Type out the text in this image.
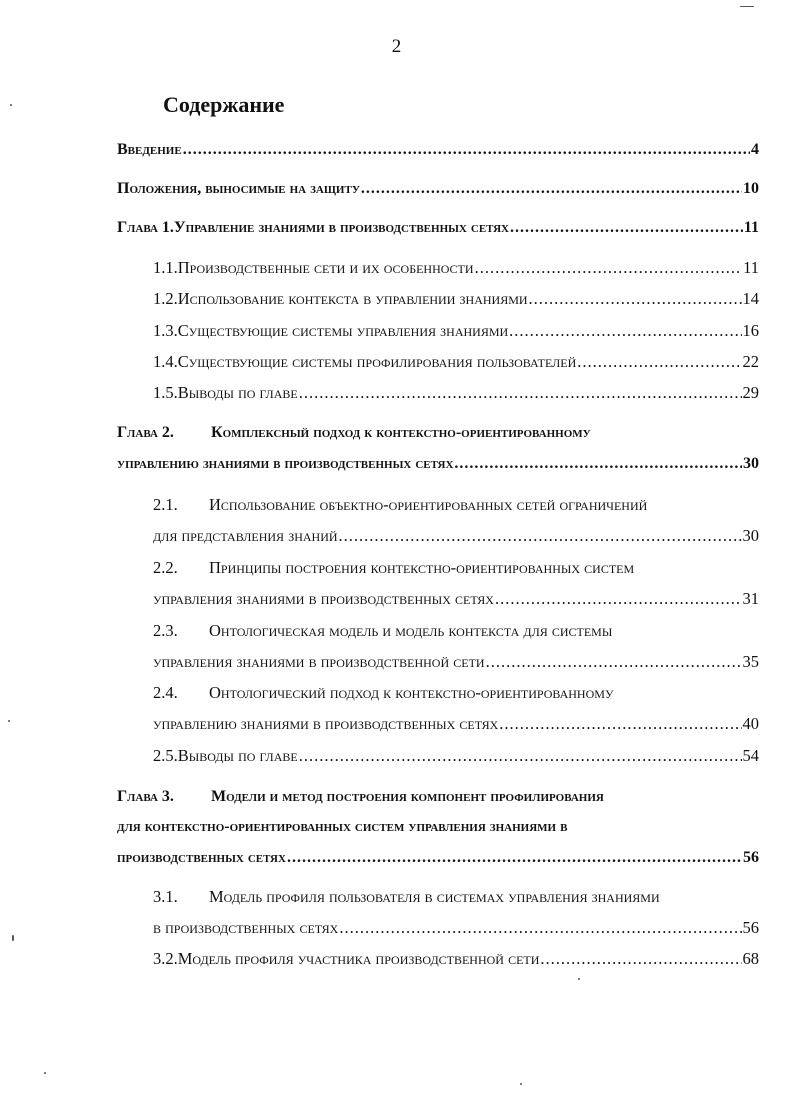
2
Содержание
Введение .....	4
Положения, выносимые на защиту .....	10
Глава 1. Управление знаниями в производственных сетях .....	11
1.1. Производственные сети и их особенности .....	11
1.2. Использование контекста в управлении знаниями .....	14
1.3. Существующие системы управления знаниями .....	16
1.4. Существующие системы профилирования пользователей .....	22
1.5. Выводы по главе .....	29
Глава 2. Комплексный подход к контекстно-ориентированному
управлению знаниями в производственных сетях .....	30
2.1. Использование объектно-ориентированных сетей ограничений
для представления знаний .....	30
2.2. Принципы построения контекстно-ориентированных систем
управления знаниями в производственных сетях .....	31
2.3. Онтологическая модель и модель контекста для системы
управления знаниями в производственной сети .....	35
2.4. Онтологический подход к контекстно-ориентированному
управлению знаниями в производственных сетях .....	40
2.5. Выводы по главе .....	54
Глава 3. Модели и метод построения компонент профилирования
для контекстно-ориентированных систем управления знаниями в
производственных сетях .....	56
3.1. Модель профиля пользователя в системах управления знаниями
в производственных сетях .....	56
3.2. Модель профиля участника производственной сети .....	68
